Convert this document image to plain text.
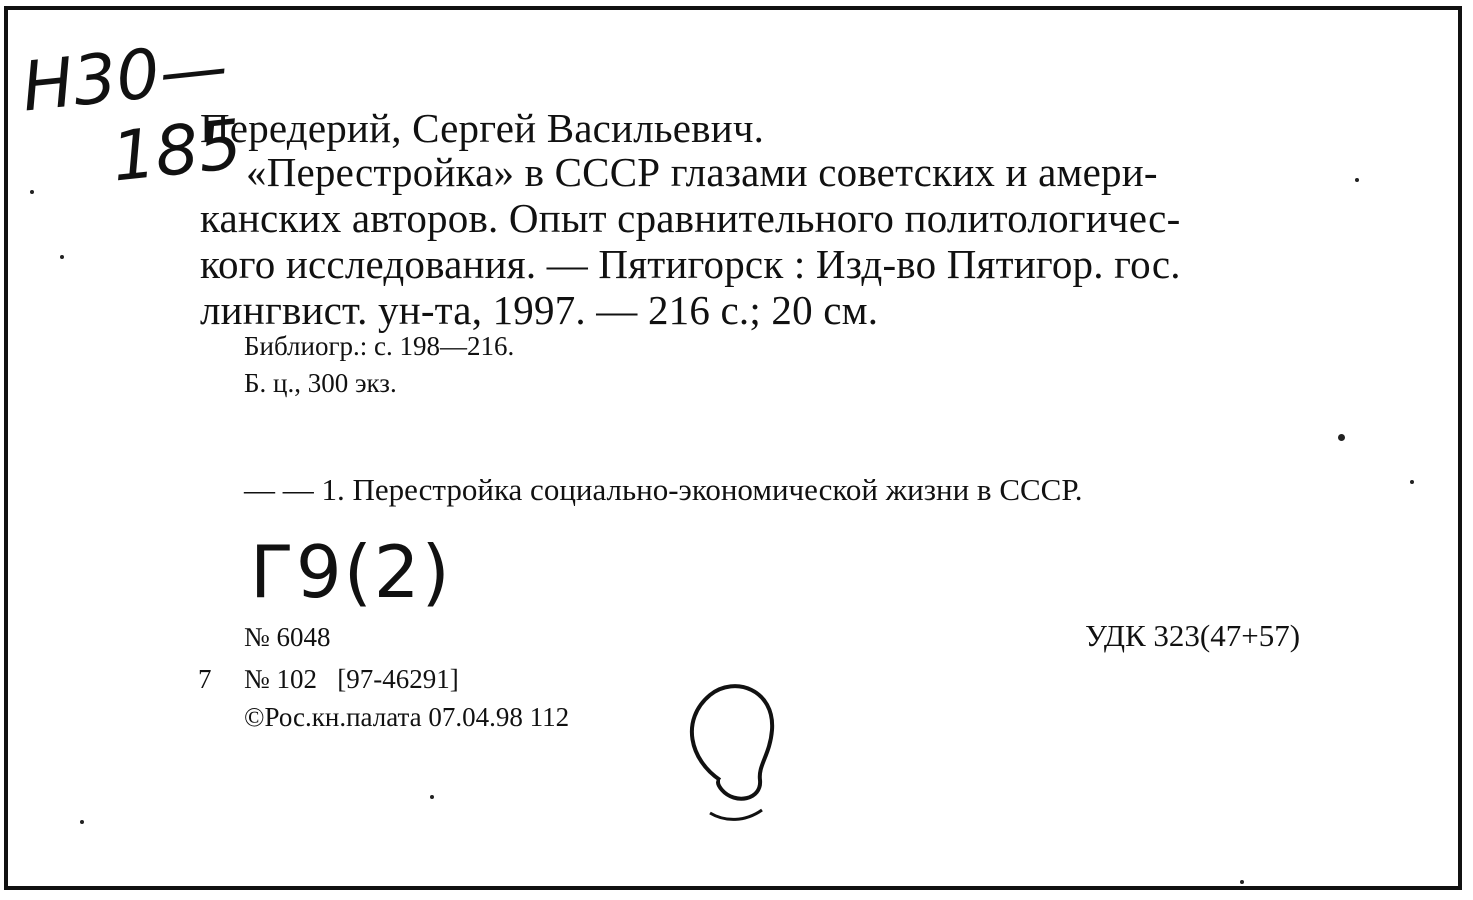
Н30—
185
Передерий, Сергей Васильевич.
«Перестройка» в СССР глазами советских и амери-
канских авторов. Опыт сравнительного политологичес-
кого исследования. — Пятигорск : Изд-во Пятигор. гос.
лингвист. ун-та, 1997. — 216 с.; 20 см.
Библиогр.: с. 198—216.
Б. ц., 300 экз.
— — 1. Перестройка социально-экономической жизни в СССР.
Г9(2)
№ 6048
7 № 102   [97-46291]
©Рос.кн.палата 07.04.98 112
УДК 323(47+57)
